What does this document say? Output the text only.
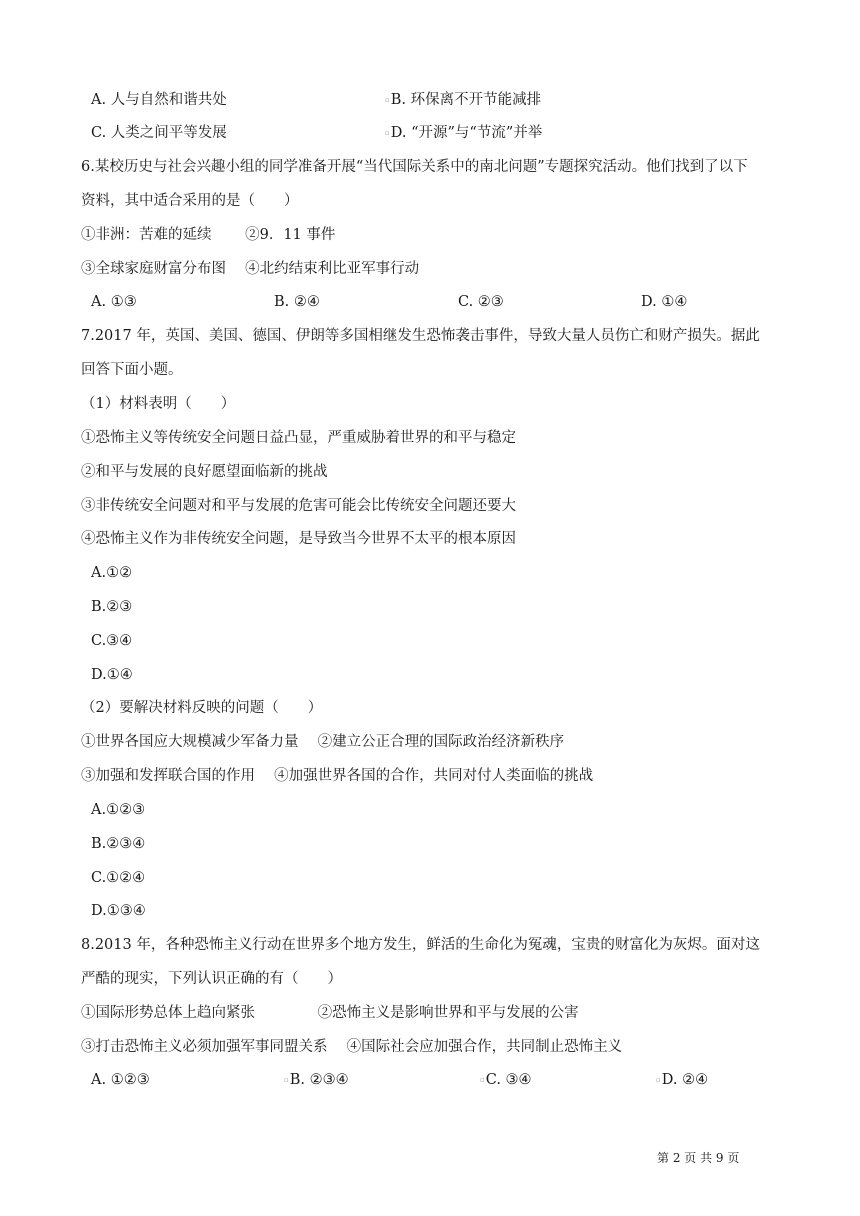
A. 人与自然和谐共处	▫B. 环保离不开节能减排
C. 人类之间平等发展	▫D. “开源”与“节流”并举
6.某校历史与社会兴趣小组的同学准备开展“当代国际关系中的南北问题”专题探究活动。他们找到了以下
资料，其中适合采用的是（　　）
①非洲：苦难的延续　　 ②9．11 事件
③全球家庭财富分布图　 ④北约结束利比亚军事行动
A. ①③	B. ②④	C. ②③	D. ①④
7.2017 年，英国、美国、德国、伊朗等多国相继发生恐怖袭击事件，导致大量人员伤亡和财产损失。据此
回答下面小题。
（1）材料表明（　　）
①恐怖主义等传统安全问题日益凸显，严重威胁着世界的和平与稳定
②和平与发展的良好愿望面临新的挑战
③非传统安全问题对和平与发展的危害可能会比传统安全问题还要大
④恐怖主义作为非传统安全问题，是导致当今世界不太平的根本原因
A.①②
B.②③
C.③④
D.①④
（2）要解决材料反映的问题（　　）
①世界各国应大规模减少军备力量　 ②建立公正合理的国际政治经济新秩序
③加强和发挥联合国的作用　 ④加强世界各国的合作，共同对付人类面临的挑战
A.①②③
B.②③④
C.①②④
D.①③④
8.2013 年，各种恐怖主义行动在世界多个地方发生，鲜活的生命化为冤魂，宝贵的财富化为灰烬。面对这
严酷的现实，下列认识正确的有（　　）
①国际形势总体上趋向紧张　　　　 ②恐怖主义是影响世界和平与发展的公害
③打击恐怖主义必须加强军事同盟关系　 ④国际社会应加强合作，共同制止恐怖主义
A. ①②③	▫B. ②③④	▫C. ③④	▫D. ②④
第 2 页 共 9 页
